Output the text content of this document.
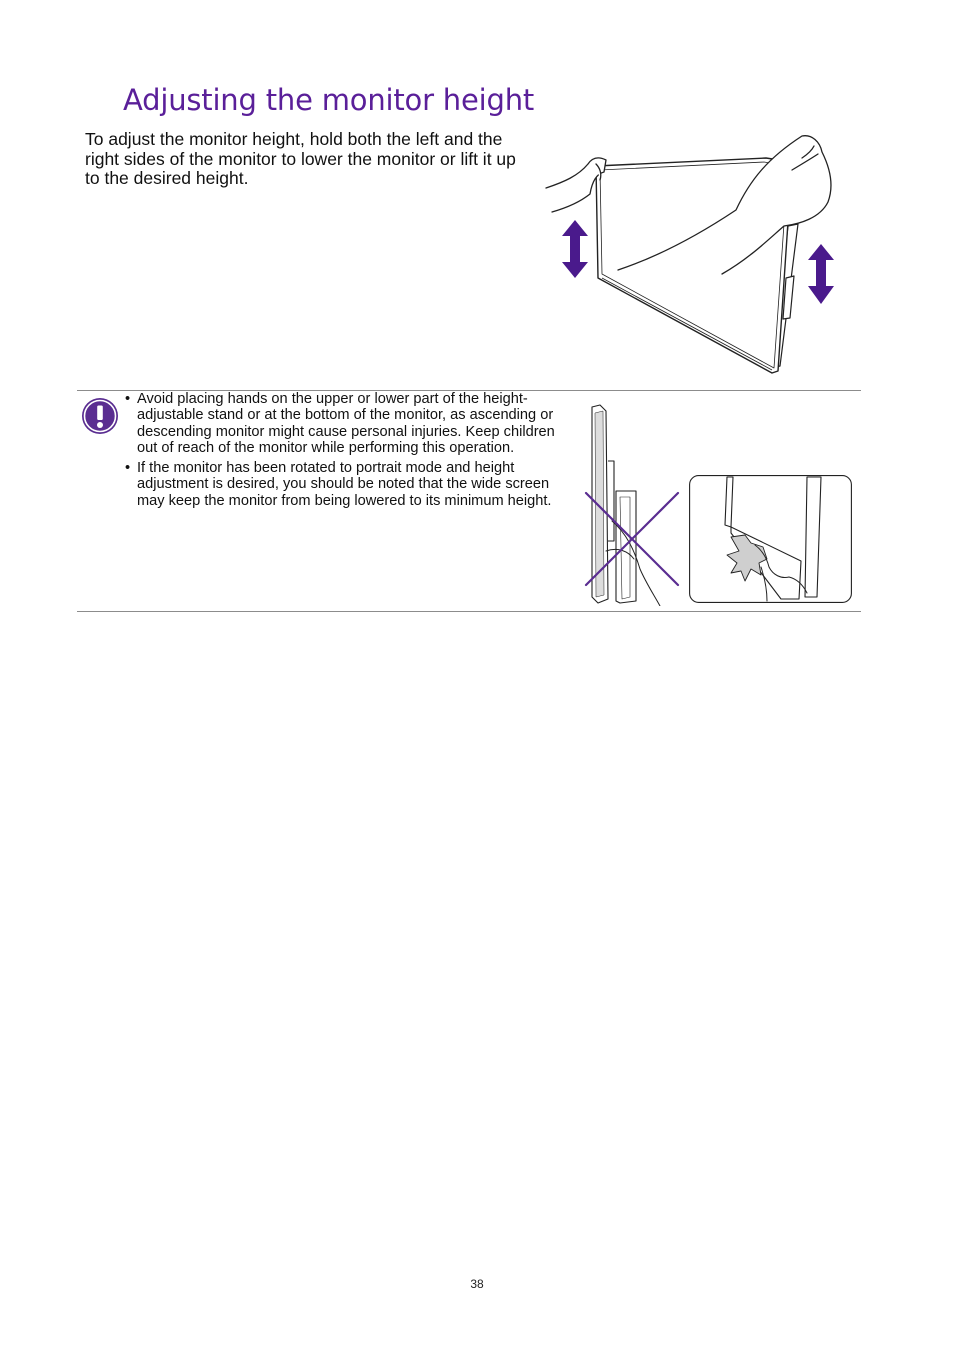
Adjusting the monitor height

To adjust the monitor height, hold both the left and the right sides of the monitor to lower the monitor or lift it up to the desired height.

• Avoid placing hands on the upper or lower part of the height-adjustable stand or at the bottom of the monitor, as ascending or descending monitor might cause personal injuries. Keep children out of reach of the monitor while performing this operation.
• If the monitor has been rotated to portrait mode and height adjustment is desired, you should be noted that the wide screen may keep the monitor from being lowered to its minimum height.
38
